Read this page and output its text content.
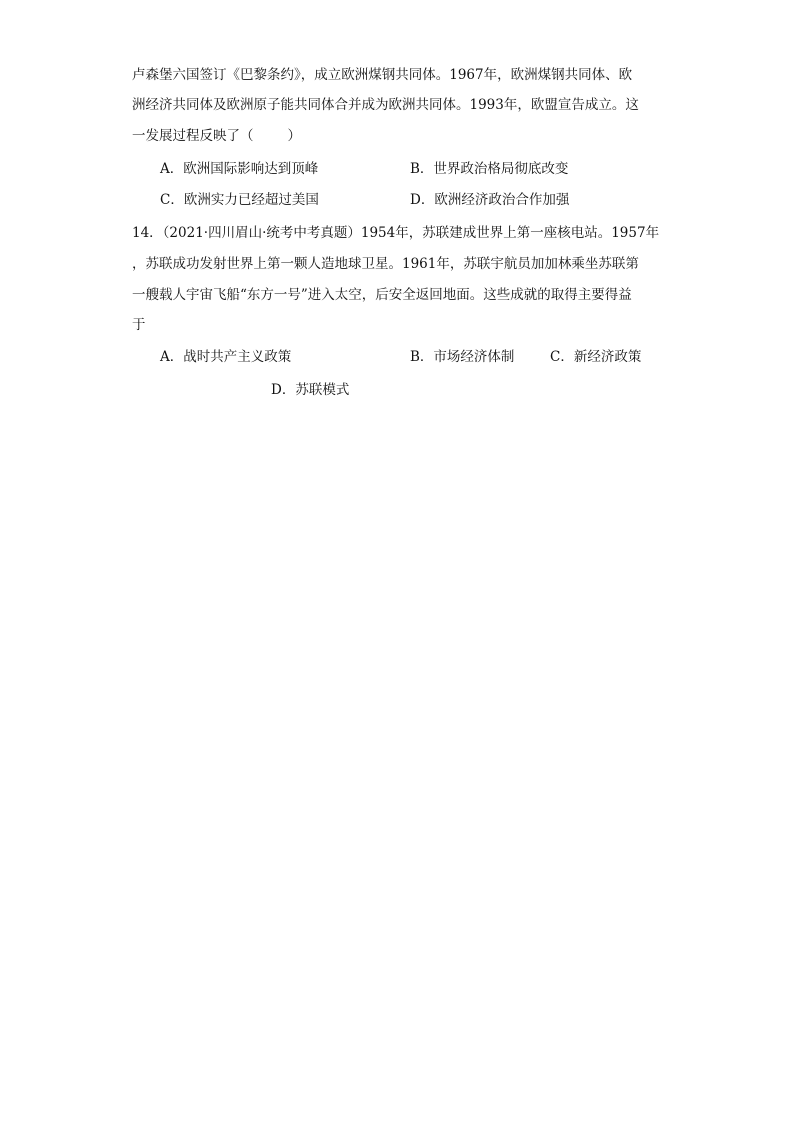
卢森堡六国签订《巴黎条约》，成立欧洲煤钢共同体。1967年，欧洲煤钢共同体、欧
洲经济共同体及欧洲原子能共同体合并成为欧洲共同体。1993年，欧盟宣告成立。这
一发展过程反映了（	）
A．欧洲国际影响达到顶峰	B．世界政治格局彻底改变
C．欧洲实力已经超过美国	D．欧洲经济政治合作加强
14．（2021·四川眉山·统考中考真题）1954年，苏联建成世界上第一座核电站。1957年
，苏联成功发射世界上第一颗人造地球卫星。1961年，苏联宇航员加加林乘坐苏联第
一艘载人宇宙飞船“东方一号”进入太空，后安全返回地面。这些成就的取得主要得益
于
A．战时共产主义政策	B．市场经济体制	C．新经济政策
D．苏联模式
